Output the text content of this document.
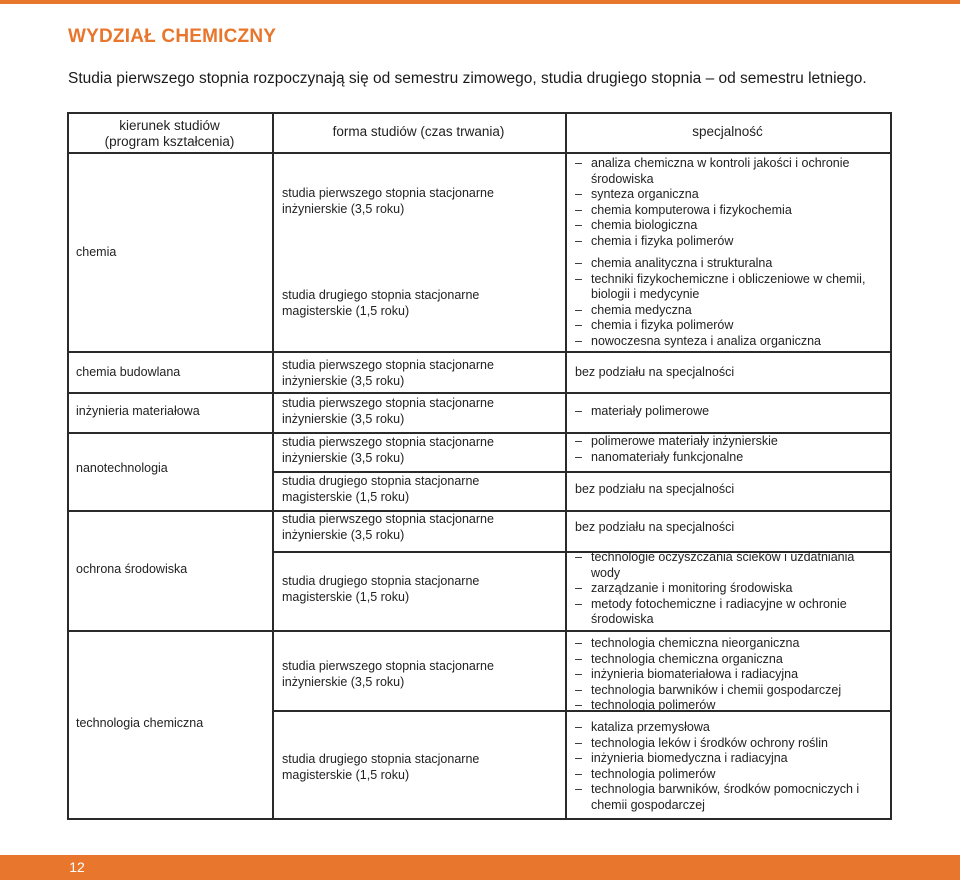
WYDZIAŁ CHEMICZNY
Studia pierwszego stopnia rozpoczynają się od semestru zimowego, studia drugiego stopnia – od semestru letniego.
kierunek studiów
(program kształcenia)
forma studiów (czas trwania)	specjalność
chemia
chemia budowlana
inżynieria materiałowa
nanotechnologia
ochrona środowiska
technologia chemiczna
studia pierwszego stopnia stacjonarne
inżynierskie (3,5 roku)
studia drugiego stopnia stacjonarne
magisterskie (1,5 roku)
studia pierwszego stopnia stacjonarne
inżynierskie (3,5 roku)
studia pierwszego stopnia stacjonarne
inżynierskie (3,5 roku)
studia pierwszego stopnia stacjonarne
inżynierskie (3,5 roku)
studia drugiego stopnia stacjonarne
magisterskie (1,5 roku)
studia pierwszego stopnia stacjonarne
inżynierskie (3,5 roku)
studia drugiego stopnia stacjonarne
magisterskie (1,5 roku)
studia pierwszego stopnia stacjonarne
inżynierskie (3,5 roku)
studia drugiego stopnia stacjonarne
magisterskie (1,5 roku)
– analiza chemiczna w kontroli jakości i ochronie środowiska
– synteza organiczna
– chemia komputerowa i fizykochemia
– chemia biologiczna
– chemia i fizyka polimerów
– chemia analityczna i strukturalna
– techniki fizykochemiczne i obliczeniowe w chemii, biologii i medycynie
– chemia medyczna
– chemia i fizyka polimerów
– nowoczesna synteza i analiza organiczna
bez podziału na specjalności
– materiały polimerowe
– polimerowe materiały inżynierskie
– nanomateriały funkcjonalne
bez podziału na specjalności
bez podziału na specjalności
– technologie oczyszczania ścieków i uzdatniania wody
– zarządzanie i monitoring środowiska
– metody fotochemiczne i radiacyjne w ochronie środowiska
– technologia chemiczna nieorganiczna
– technologia chemiczna organiczna
– inżynieria biomateriałowa i radiacyjna
– technologia barwników i chemii gospodarczej
– technologia polimerów
– kataliza przemysłowa
– technologia leków i środków ochrony roślin
– inżynieria biomedyczna i radiacyjna
– technologia polimerów
– technologia barwników, środków pomocniczych i chemii gospodarczej
12
